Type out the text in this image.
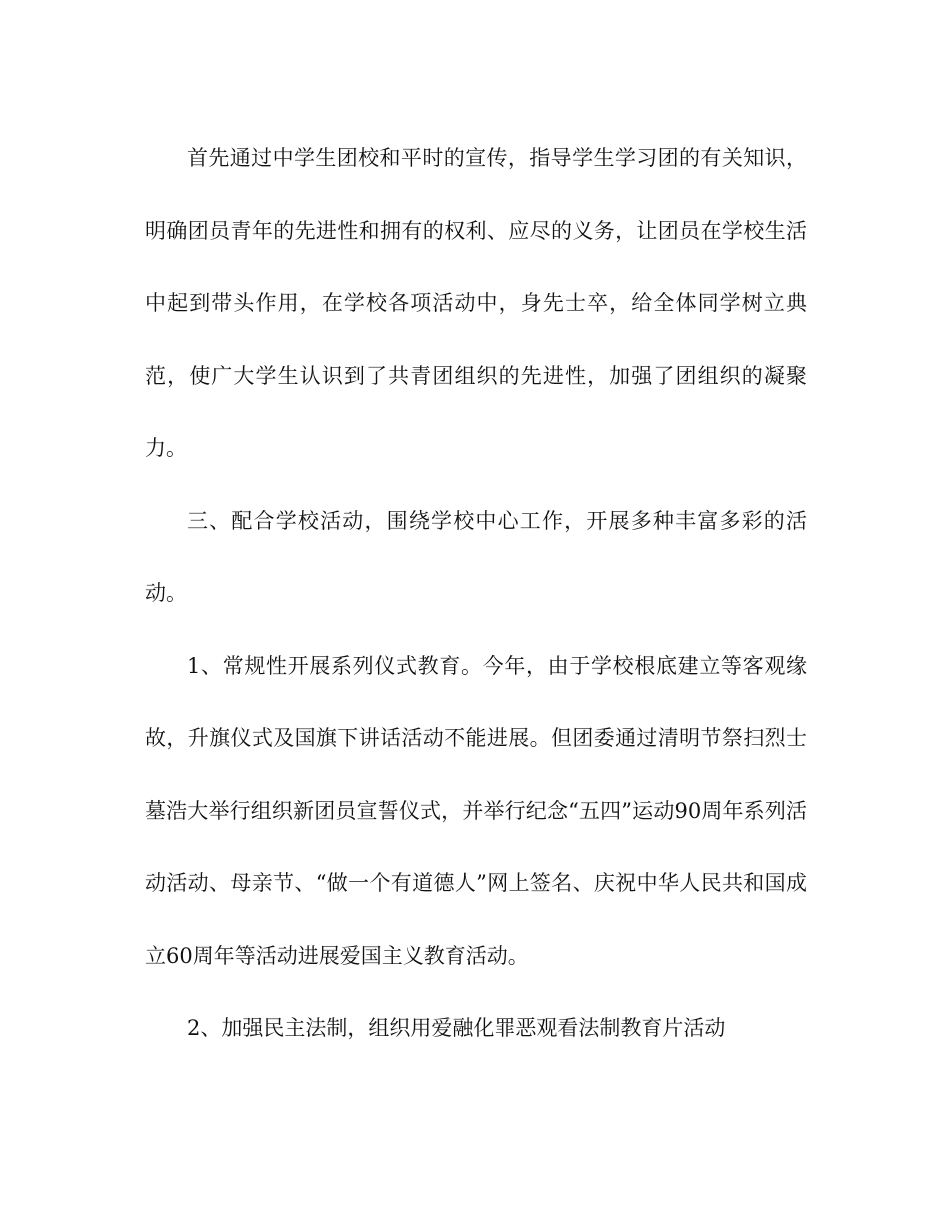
首先通过中学生团校和平时的宣传，指导学生学习团的有关知识，明确团员青年的先进性和拥有的权利、应尽的义务，让团员在学校生活中起到带头作用，在学校各项活动中，身先士卒，给全体同学树立典范，使广大学生认识到了共青团组织的先进性，加强了团组织的凝聚力。

三、配合学校活动，围绕学校中心工作，开展多种丰富多彩的活动。

1、常规性开展系列仪式教育。今年，由于学校根底建立等客观缘故，升旗仪式及国旗下讲话活动不能进展。但团委通过清明节祭扫烈士墓浩大举行组织新团员宣誓仪式，并举行纪念“五四”运动90周年系列活动活动、母亲节、“做一个有道德人”网上签名、庆祝中华人民共和国成立60周年等活动进展爱国主义教育活动。

2、加强民主法制，组织用爱融化罪恶观看法制教育片活动
